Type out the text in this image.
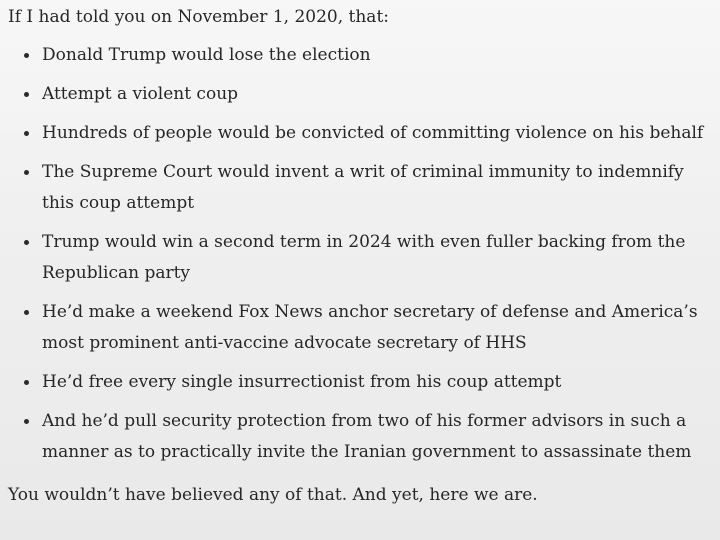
If I had told you on November 1, 2020, that:

Donald Trump would lose the election
Attempt a violent coup
Hundreds of people would be convicted of committing violence on his behalf
The Supreme Court would invent a writ of criminal immunity to indemnify this coup attempt
Trump would win a second term in 2024 with even fuller backing from the Republican party
He’d make a weekend Fox News anchor secretary of defense and America’s most prominent anti-vaccine advocate secretary of HHS
He’d free every single insurrectionist from his coup attempt
And he’d pull security protection from two of his former advisors in such a manner as to practically invite the Iranian government to assassinate them

You wouldn’t have believed any of that. And yet, here we are.
